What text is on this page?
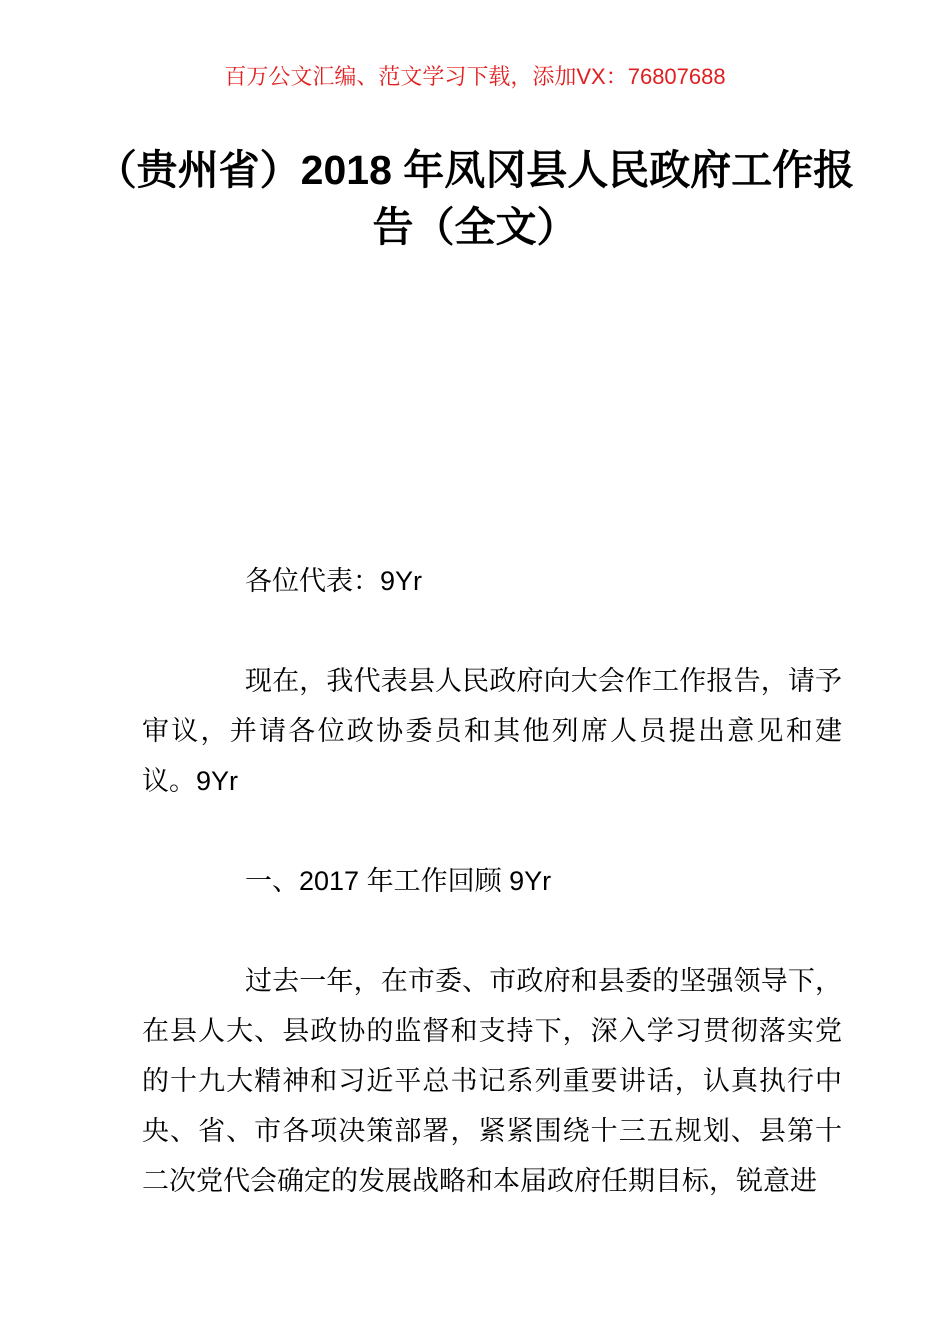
百万公文汇编、范文学习下载，添加VX：76807688
（贵州省）2018 年凤冈县人民政府工作报
告（全文）

各位代表：9Yr

现在，我代表县人民政府向大会作工作报告，请予审议，并请各位政协委员和其他列席人员提出意见和建议。9Yr

一、2017 年工作回顾 9Yr

过去一年，在市委、市政府和县委的坚强领导下，在县人大、县政协的监督和支持下，深入学习贯彻落实党的十九大精神和习近平总书记系列重要讲话，认真执行中央、省、市各项决策部署，紧紧围绕十三五规划、县第十二次党代会确定的发展战略和本届政府任期目标，锐意进
